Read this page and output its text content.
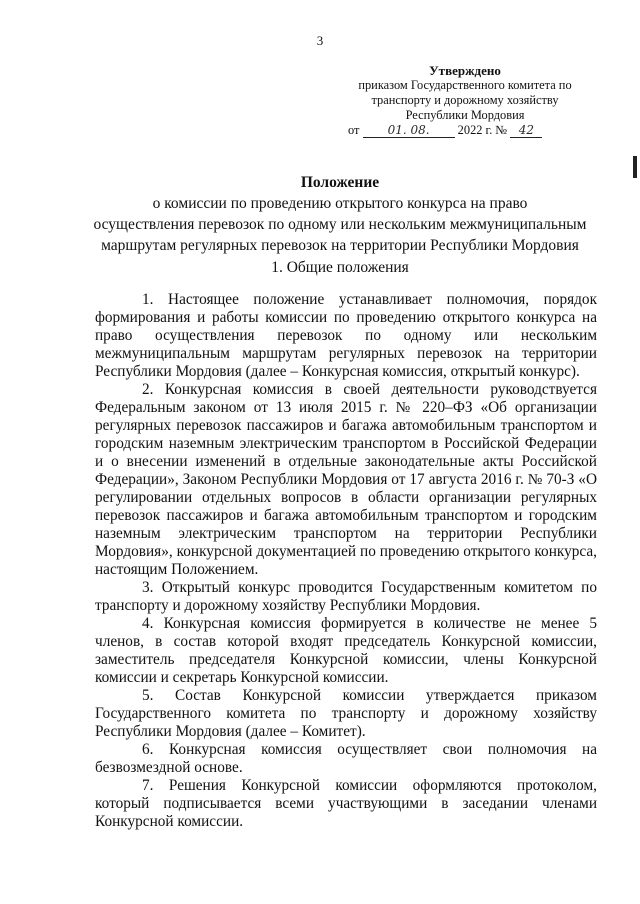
3
Утверждено
приказом Государственного комитета по
транспорту и дорожному хозяйству
Республики Мордовия
от 01. 08. 2022 г. № 42
Положение
о комиссии по проведению открытого конкурса на право
осуществления перевозок по одному или нескольким межмуниципальным
маршрутам регулярных перевозок на территории Республики Мордовия
1. Общие положения

1. Настоящее положение устанавливает полномочия, порядок формирования и работы комиссии по проведению открытого конкурса на право осуществления перевозок по одному или нескольким межмуниципальным маршрутам регулярных перевозок на территории Республики Мордовия (далее – Конкурсная комиссия, открытый конкурс).

2. Конкурсная комиссия в своей деятельности руководствуется Федеральным законом от 13 июля 2015 г. № 220–ФЗ «Об организации регулярных перевозок пассажиров и багажа автомобильным транспортом и городским наземным электрическим транспортом в Российской Федерации и о внесении изменений в отдельные законодательные акты Российской Федерации», Законом Республики Мордовия от 17 августа 2016 г. № 70-З «О регулировании отдельных вопросов в области организации регулярных перевозок пассажиров и багажа автомобильным транспортом и городским наземным электрическим транспортом на территории Республики Мордовия», конкурсной документацией по проведению открытого конкурса, настоящим Положением.

3. Открытый конкурс проводится Государственным комитетом по транспорту и дорожному хозяйству Республики Мордовия.

4. Конкурсная комиссия формируется в количестве не менее 5 членов, в состав которой входят председатель Конкурсной комиссии, заместитель председателя Конкурсной комиссии, члены Конкурсной комиссии и секретарь Конкурсной комиссии.

5. Состав Конкурсной комиссии утверждается приказом Государственного комитета по транспорту и дорожному хозяйству Республики Мордовия (далее – Комитет).

6. Конкурсная комиссия осуществляет свои полномочия на безвозмездной основе.

7. Решения Конкурсной комиссии оформляются протоколом, который подписывается всеми участвующими в заседании членами Конкурсной комиссии.
